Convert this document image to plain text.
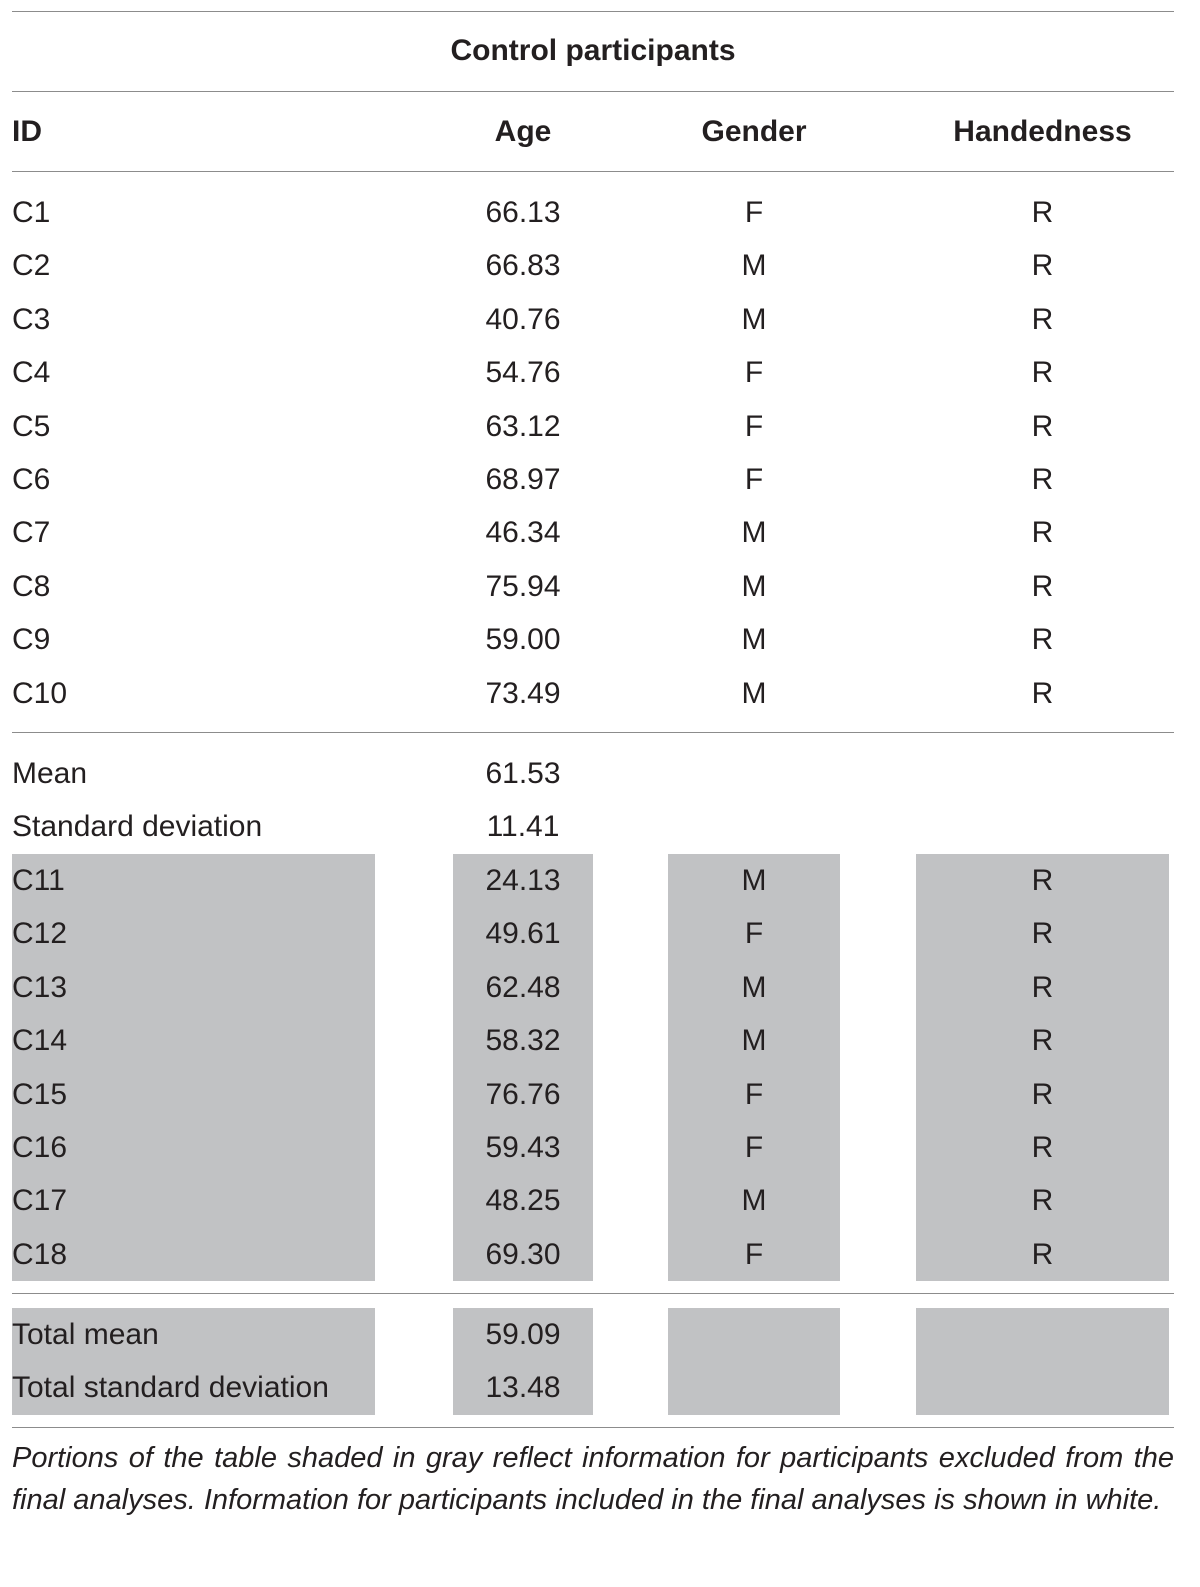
Control participants
ID	Age	Gender	Handedness
C1	66.13	F	R
C2	66.83	M	R
C3	40.76	M	R
C4	54.76	F	R
C5	63.12	F	R
C6	68.97	F	R
C7	46.34	M	R
C8	75.94	M	R
C9	59.00	M	R
C10	73.49	M	R
Mean	61.53
Standard deviation	11.41
C11	24.13	M	R
C12	49.61	F	R
C13	62.48	M	R
C14	58.32	M	R
C15	76.76	F	R
C16	59.43	F	R
C17	48.25	M	R
C18	69.30	F	R
Total mean	59.09
Total standard deviation	13.48
Portions of the table shaded in gray reflect information for participants excluded from the final analyses. Information for participants included in the final analyses is shown in white.
